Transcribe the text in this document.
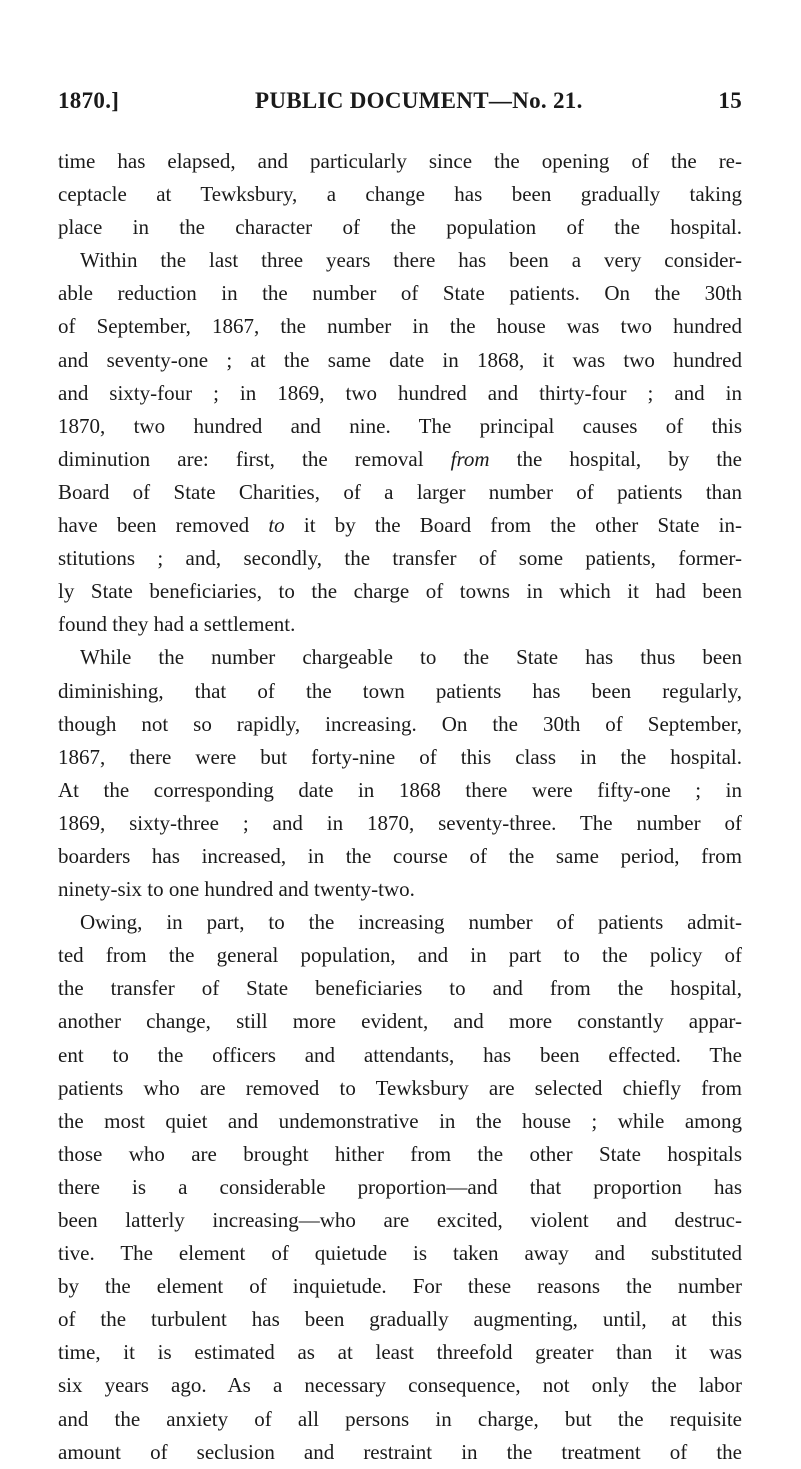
1870.]	PUBLIC DOCUMENT—No. 21.	15
time has elapsed, and particularly since the opening of the re-
ceptacle at Tewksbury, a change has been gradually taking
place in the character of the population of the hospital.
Within the last three years there has been a very consider-
able reduction in the number of State patients. On the 30th
of September, 1867, the number in the house was two hundred
and seventy-one ; at the same date in 1868, it was two hundred
and sixty-four ; in 1869, two hundred and thirty-four ; and in
1870, two hundred and nine. The principal causes of this
diminution are: first, the removal from the hospital, by the
Board of State Charities, of a larger number of patients than
have been removed to it by the Board from the other State in-
stitutions ; and, secondly, the transfer of some patients, former-
ly State beneficiaries, to the charge of towns in which it had been
found they had a settlement.
While the number chargeable to the State has thus been
diminishing, that of the town patients has been regularly,
though not so rapidly, increasing. On the 30th of September,
1867, there were but forty-nine of this class in the hospital.
At the corresponding date in 1868 there were fifty-one ; in
1869, sixty-three ; and in 1870, seventy-three. The number of
boarders has increased, in the course of the same period, from
ninety-six to one hundred and twenty-two.
Owing, in part, to the increasing number of patients admit-
ted from the general population, and in part to the policy of
the transfer of State beneficiaries to and from the hospital,
another change, still more evident, and more constantly appar-
ent to the officers and attendants, has been effected. The
patients who are removed to Tewksbury are selected chiefly from
the most quiet and undemonstrative in the house ; while among
those who are brought hither from the other State hospitals
there is a considerable proportion—and that proportion has
been latterly increasing—who are excited, violent and destruc-
tive. The element of quietude is taken away and substituted
by the element of inquietude. For these reasons the number
of the turbulent has been gradually augmenting, until, at this
time, it is estimated as at least threefold greater than it was
six years ago. As a necessary consequence, not only the labor
and the anxiety of all persons in charge, but the requisite
amount of seclusion and restraint in the treatment of the
